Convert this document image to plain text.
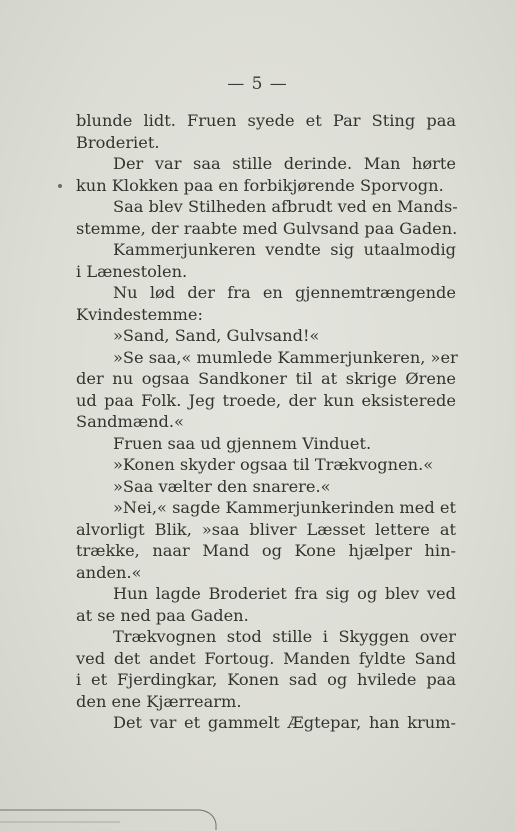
— 5 —
blunde lidt. Fruen syede et Par Sting paa
Broderiet.
Der var saa stille derinde. Man hørte
kun Klokken paa en forbikjørende Sporvogn.
Saa blev Stilheden afbrudt ved en Mands-
stemme, der raabte med Gulvsand paa Gaden.
Kammerjunkeren vendte sig utaalmodig
i Lænestolen.
Nu lød der fra en gjennemtrængende
Kvindestemme:
»Sand, Sand, Gulvsand!«
»Se saa,« mumlede Kammerjunkeren, »er
der nu ogsaa Sandkoner til at skrige Ørene
ud paa Folk. Jeg troede, der kun eksisterede
Sandmænd.«
Fruen saa ud gjennem Vinduet.
»Konen skyder ogsaa til Trækvognen.«
»Saa vælter den snarere.«
»Nei,« sagde Kammerjunkerinden med et
alvorligt Blik, »saa bliver Læsset lettere at
trække, naar Mand og Kone hjælper hin-
anden.«
Hun lagde Broderiet fra sig og blev ved
at se ned paa Gaden.
Trækvognen stod stille i Skyggen over
ved det andet Fortoug. Manden fyldte Sand
i et Fjerdingkar, Konen sad og hvilede paa
den ene Kjærrearm.
Det var et gammelt Ægtepar, han krum-
